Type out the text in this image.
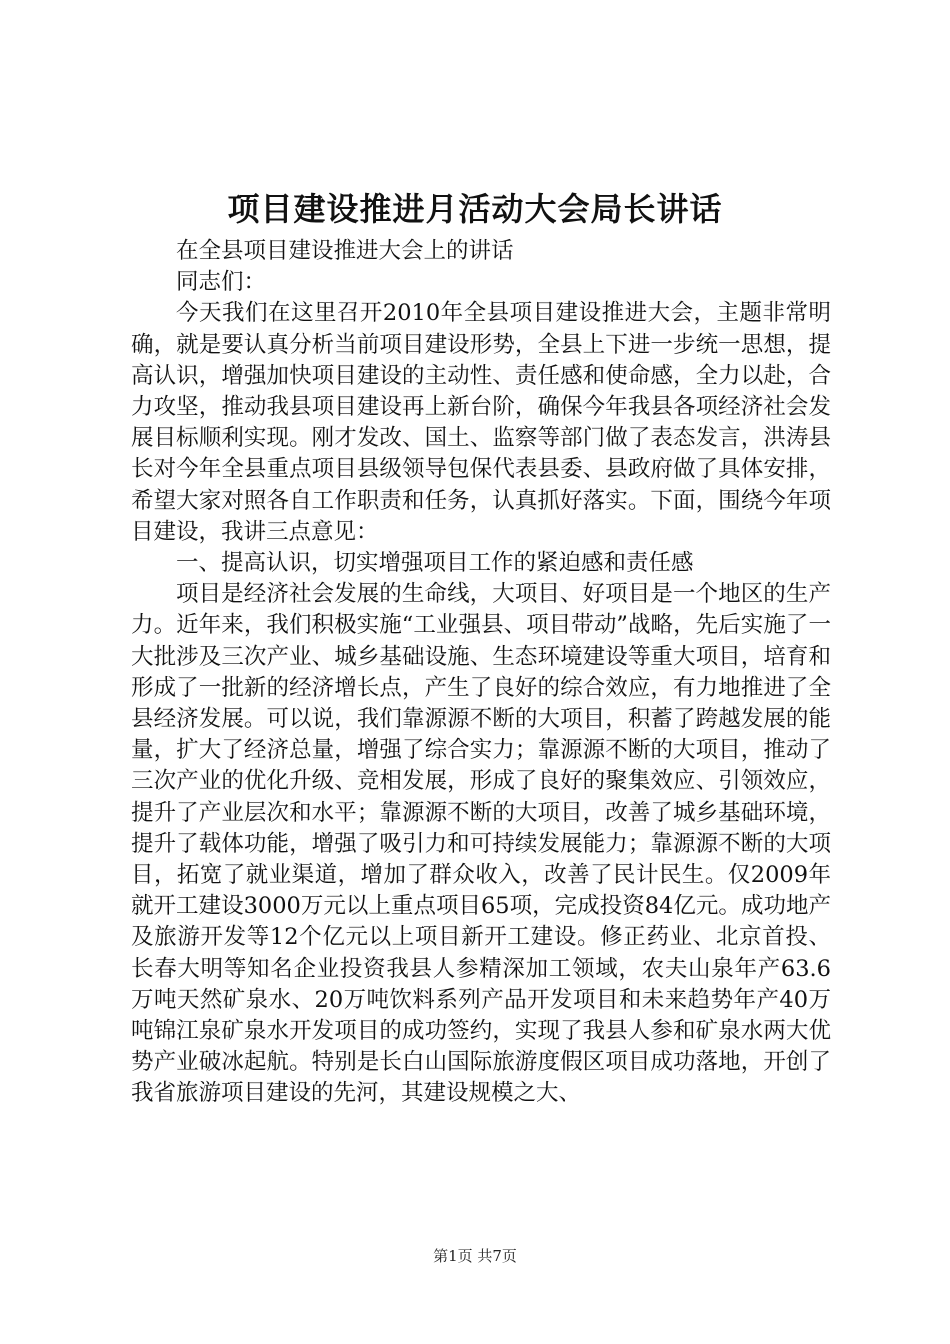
项目建设推进月活动大会局长讲话

在全县项目建设推进大会上的讲话

同志们：

今天我们在这里召开2010年全县项目建设推进大会，主题非常明确，就是要认真分析当前项目建设形势，全县上下进一步统一思想，提高认识，增强加快项目建设的主动性、责任感和使命感，全力以赴，合力攻坚，推动我县项目建设再上新台阶，确保今年我县各项经济社会发展目标顺利实现。刚才发改、国土、监察等部门做了表态发言，洪涛县长对今年全县重点项目县级领导包保代表县委、县政府做了具体安排，希望大家对照各自工作职责和任务，认真抓好落实。下面，围绕今年项目建设，我讲三点意见：

一、提高认识，切实增强项目工作的紧迫感和责任感

项目是经济社会发展的生命线，大项目、好项目是一个地区的生产力。近年来，我们积极实施“工业强县、项目带动”战略，先后实施了一大批涉及三次产业、城乡基础设施、生态环境建设等重大项目，培育和形成了一批新的经济增长点，产生了良好的综合效应，有力地推进了全县经济发展。可以说，我们靠源源不断的大项目，积蓄了跨越发展的能量，扩大了经济总量，增强了综合实力；靠源源不断的大项目，推动了三次产业的优化升级、竞相发展，形成了良好的聚集效应、引领效应，提升了产业层次和水平；靠源源不断的大项目，改善了城乡基础环境，提升了载体功能，增强了吸引力和可持续发展能力；靠源源不断的大项目，拓宽了就业渠道，增加了群众收入，改善了民计民生。仅2009年就开工建设3000万元以上重点项目65项，完成投资84亿元。成功地产及旅游开发等12个亿元以上项目新开工建设。修正药业、北京首投、长春大明等知名企业投资我县人参精深加工领域，农夫山泉年产63.6万吨天然矿泉水、20万吨饮料系列产品开发项目和未来趋势年产40万吨锦江泉矿泉水开发项目的成功签约，实现了我县人参和矿泉水两大优势产业破冰起航。特别是长白山国际旅游度假区项目成功落地，开创了我省旅游项目建设的先河，其建设规模之大、

第1页 共7页
